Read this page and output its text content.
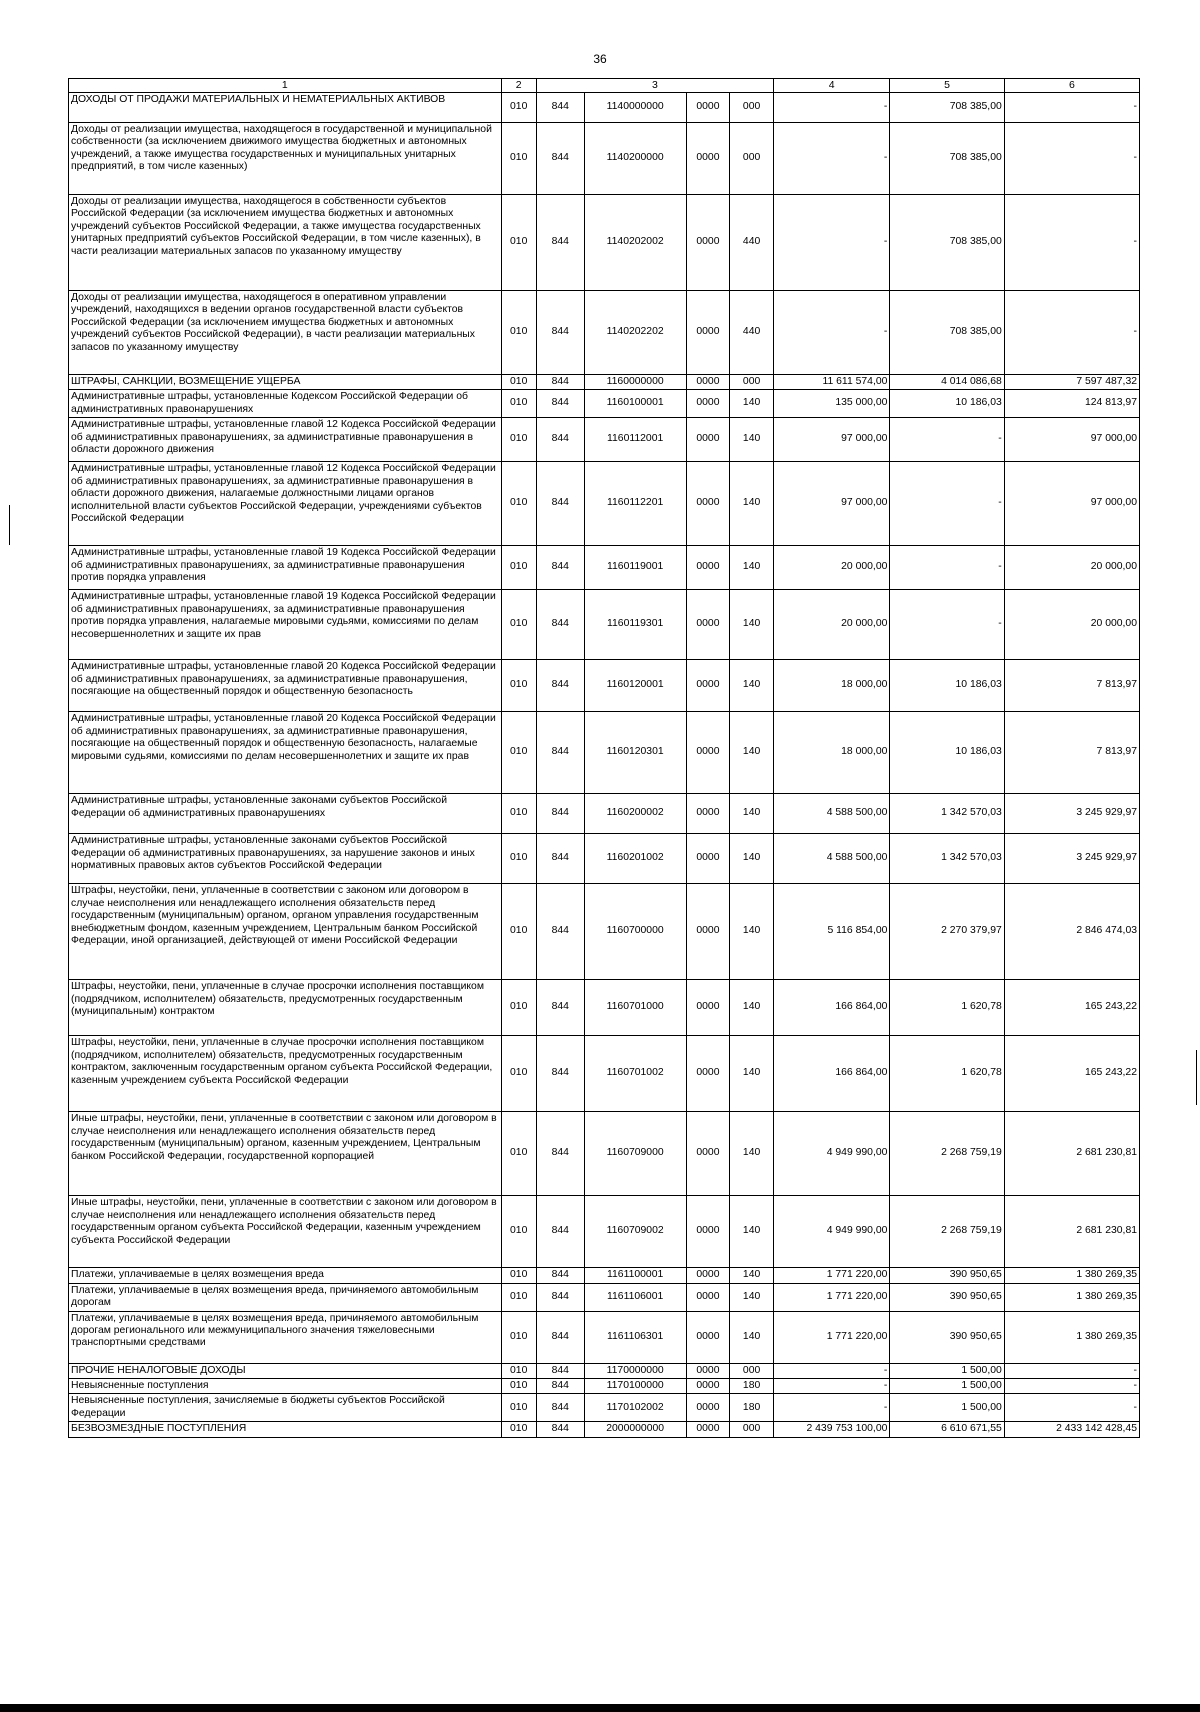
36
1	2	3				4	5	6
ДОХОДЫ ОТ ПРОДАЖИ МАТЕРИАЛЬНЫХ И НЕМАТЕРИАЛЬНЫХ АКТИВОВ	010	844	1140000000	0000	000	-	708 385,00	-
Доходы от реализации имущества, находящегося в государственной и муниципальной собственности (за исключением движимого имущества бюджетных и автономных учреждений, а также имущества государственных и муниципальных унитарных предприятий, в том числе казенных)	010	844	1140200000	0000	000	-	708 385,00	-
Доходы от реализации имущества, находящегося в собственности субъектов Российской Федерации (за исключением имущества бюджетных и автономных учреждений субъектов Российской Федерации, а также имущества государственных унитарных предприятий субъектов Российской Федерации, в том числе казенных), в части реализации материальных запасов по указанному имуществу	010	844	1140202002	0000	440	-	708 385,00	-
Доходы от реализации имущества, находящегося в оперативном управлении учреждений, находящихся в ведении органов государственной власти субъектов Российской Федерации (за исключением имущества бюджетных и автономных учреждений субъектов Российской Федерации), в части реализации материальных запасов по указанному имуществу	010	844	1140202202	0000	440	-	708 385,00	-
ШТРАФЫ, САНКЦИИ, ВОЗМЕЩЕНИЕ УЩЕРБА	010	844	1160000000	0000	000	11 611 574,00	4 014 086,68	7 597 487,32
Административные штрафы, установленные Кодексом Российской Федерации об административных правонарушениях	010	844	1160100001	0000	140	135 000,00	10 186,03	124 813,97
Административные штрафы, установленные главой 12 Кодекса Российской Федерации об административных правонарушениях, за административные правонарушения в области дорожного движения	010	844	1160112001	0000	140	97 000,00	-	97 000,00
Административные штрафы, установленные главой 12 Кодекса Российской Федерации об административных правонарушениях, за административные правонарушения в области дорожного движения, налагаемые должностными лицами органов исполнительной власти субъектов Российской Федерации, учреждениями субъектов Российской Федерации	010	844	1160112201	0000	140	97 000,00	-	97 000,00
Административные штрафы, установленные главой 19 Кодекса Российской Федерации об административных правонарушениях, за административные правонарушения против порядка управления	010	844	1160119001	0000	140	20 000,00	-	20 000,00
Административные штрафы, установленные главой 19 Кодекса Российской Федерации об административных правонарушениях, за административные правонарушения против порядка управления, налагаемые мировыми судьями, комиссиями по делам несовершеннолетних и защите их прав	010	844	1160119301	0000	140	20 000,00	-	20 000,00
Административные штрафы, установленные главой 20 Кодекса Российской Федерации об административных правонарушениях, за административные правонарушения, посягающие на общественный порядок и общественную безопасность	010	844	1160120001	0000	140	18 000,00	10 186,03	7 813,97
Административные штрафы, установленные главой 20 Кодекса Российской Федерации об административных правонарушениях, за административные правонарушения, посягающие на общественный порядок и общественную безопасность, налагаемые мировыми судьями, комиссиями по делам несовершеннолетних и защите их прав	010	844	1160120301	0000	140	18 000,00	10 186,03	7 813,97
Административные штрафы, установленные законами субъектов Российской Федерации об административных правонарушениях	010	844	1160200002	0000	140	4 588 500,00	1 342 570,03	3 245 929,97
Административные штрафы, установленные законами субъектов Российской Федерации об административных правонарушениях, за нарушение законов и иных нормативных правовых актов субъектов Российской Федерации	010	844	1160201002	0000	140	4 588 500,00	1 342 570,03	3 245 929,97
Штрафы, неустойки, пени, уплаченные в соответствии с законом или договором в случае неисполнения или ненадлежащего исполнения обязательств перед государственным (муниципальным) органом, органом управления государственным внебюджетным фондом, казенным учреждением, Центральным банком Российской Федерации, иной организацией, действующей от имени Российской Федерации	010	844	1160700000	0000	140	5 116 854,00	2 270 379,97	2 846 474,03
Штрафы, неустойки, пени, уплаченные в случае просрочки исполнения поставщиком (подрядчиком, исполнителем) обязательств, предусмотренных государственным (муниципальным) контрактом	010	844	1160701000	0000	140	166 864,00	1 620,78	165 243,22
Штрафы, неустойки, пени, уплаченные в случае просрочки исполнения поставщиком (подрядчиком, исполнителем) обязательств, предусмотренных государственным контрактом, заключенным государственным органом субъекта Российской Федерации, казенным учреждением субъекта Российской Федерации	010	844	1160701002	0000	140	166 864,00	1 620,78	165 243,22
Иные штрафы, неустойки, пени, уплаченные в соответствии с законом или договором в случае неисполнения или ненадлежащего исполнения обязательств перед государственным (муниципальным) органом, казенным учреждением, Центральным банком Российской Федерации, государственной корпорацией	010	844	1160709000	0000	140	4 949 990,00	2 268 759,19	2 681 230,81
Иные штрафы, неустойки, пени, уплаченные в соответствии с законом или договором в случае неисполнения или ненадлежащего исполнения обязательств перед государственным органом субъекта Российской Федерации, казенным учреждением субъекта Российской Федерации	010	844	1160709002	0000	140	4 949 990,00	2 268 759,19	2 681 230,81
Платежи, уплачиваемые в целях возмещения вреда	010	844	1161100001	0000	140	1 771 220,00	390 950,65	1 380 269,35
Платежи, уплачиваемые в целях возмещения вреда, причиняемого автомобильным дорогам	010	844	1161106001	0000	140	1 771 220,00	390 950,65	1 380 269,35
Платежи, уплачиваемые в целях возмещения вреда, причиняемого автомобильным дорогам регионального или межмуниципального значения тяжеловесными транспортными средствами	010	844	1161106301	0000	140	1 771 220,00	390 950,65	1 380 269,35
ПРОЧИЕ НЕНАЛОГОВЫЕ ДОХОДЫ	010	844	1170000000	0000	000	-	1 500,00	-
Невыясненные поступления	010	844	1170100000	0000	180	-	1 500,00	-
Невыясненные поступления, зачисляемые в бюджеты субъектов Российской Федерации	010	844	1170102002	0000	180	-	1 500,00	-
БЕЗВОЗМЕЗДНЫЕ ПОСТУПЛЕНИЯ	010	844	2000000000	0000	000	2 439 753 100,00	6 610 671,55	2 433 142 428,45
